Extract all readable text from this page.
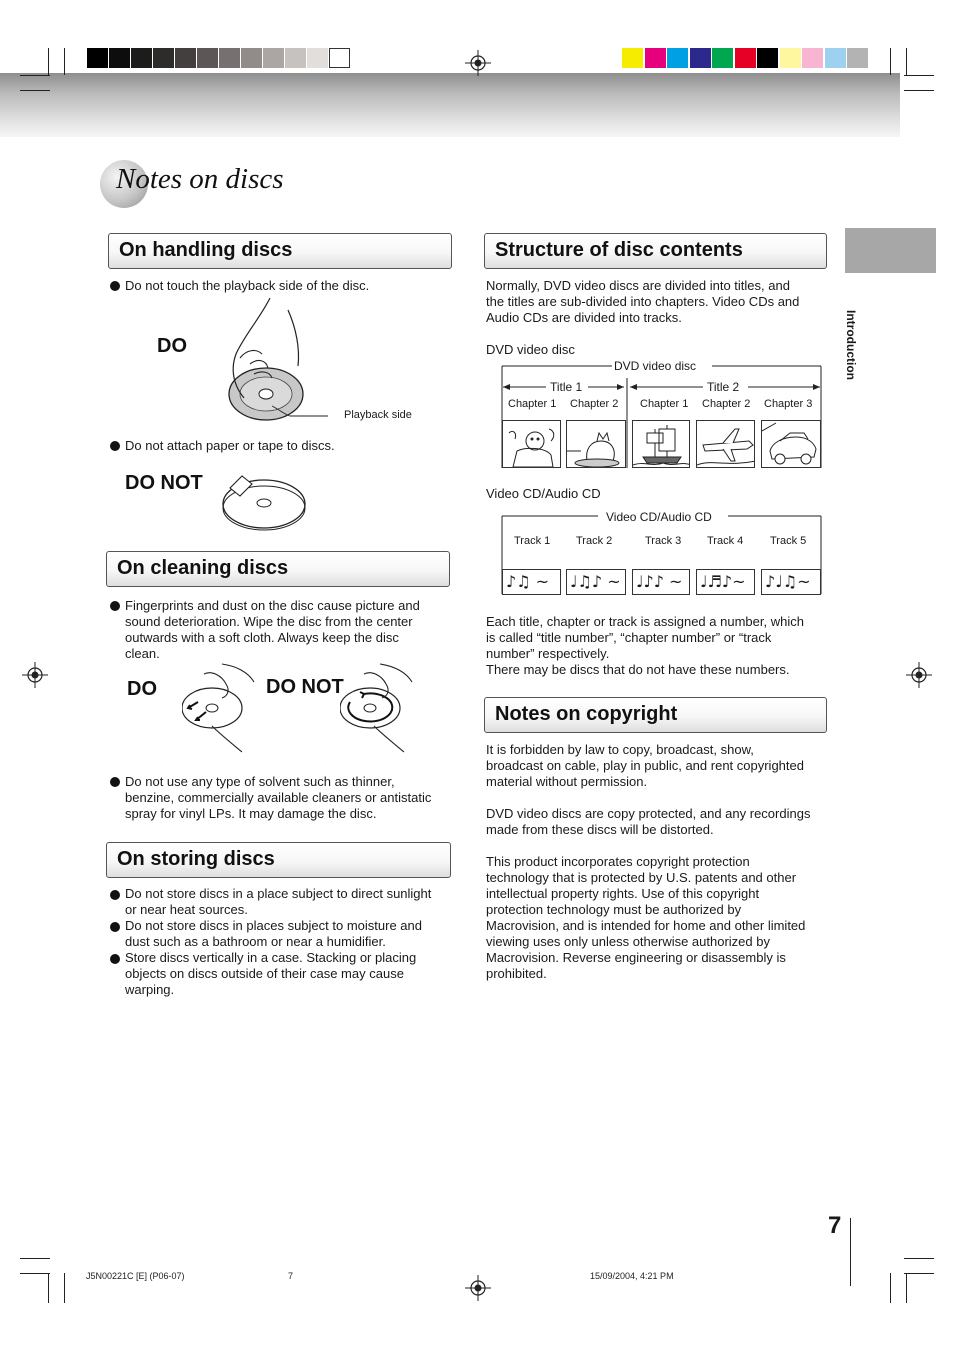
Notes on discs
Introduction
On handling discs
Do not touch the playback side of the disc.
DO
Playback side
Do not attach paper or tape to discs.
DO NOT
On cleaning discs
Fingerprints and dust on the disc cause picture and
sound deterioration. Wipe the disc from the center
outwards with a soft cloth. Always keep the disc
clean.
DO	DO NOT
Do not use any type of solvent such as thinner,
benzine, commercially available cleaners or antistatic
spray for vinyl LPs. It may damage the disc.
On storing discs
Do not store discs in a place subject to direct sunlight
or near heat sources.
Do not store discs in places subject to moisture and
dust such as a bathroom or near a humidifier.
Store discs vertically in a case. Stacking or placing
objects on discs outside of their case may cause
warping.
Structure of disc contents
Normally, DVD video discs are divided into titles, and
the titles are sub-divided into chapters. Video CDs and
Audio CDs are divided into tracks.
DVD video disc
DVD video disc
Title 1	Title 2
Chapter 1 Chapter 2 Chapter 1 Chapter 2 Chapter 3
Video CD/Audio CD
Video CD/Audio CD
Track 1 Track 2	Track 3 Track 4 Track 5
♪♫ ~ ♩♫♪ ~ ♩♪♪ ~ ♩♬♪~ ♪♩♫~
Each title, chapter or track is assigned a number, which
is called “title number”, “chapter number” or “track
number” respectively.
There may be discs that do not have these numbers.
Notes on copyright
It is forbidden by law to copy, broadcast, show,
broadcast on cable, play in public, and rent copyrighted
material without permission.
DVD video discs are copy protected, and any recordings
made from these discs will be distorted.
This product incorporates copyright protection
technology that is protected by U.S. patents and other
intellectual property rights. Use of this copyright
protection technology must be authorized by
Macrovision, and is intended for home and other limited
viewing uses only unless otherwise authorized by
Macrovision. Reverse engineering or disassembly is
prohibited.
7
J5N00221C [E] (P06-07)	7	15/09/2004, 4:21 PM
